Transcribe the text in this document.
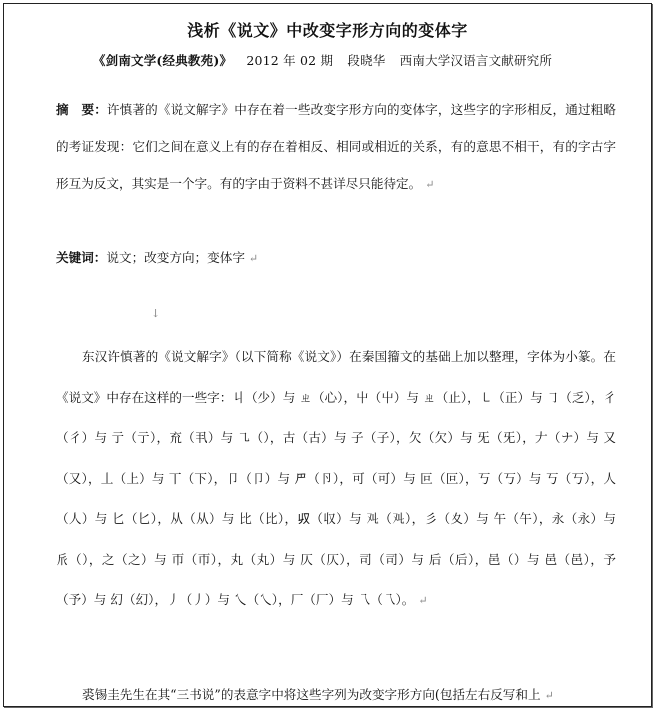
浅析《说文》中改变字形方向的变体字
《剑南文学(经典教苑)》 2012 年 02 期 段晓华 西南大学汉语言文献研究所
摘　要：许慎著的《说文解字》中存在着一些改变字形方向的变体字，这些字的字形相反，通过粗略的考证发现：它们之间在意义上有的存在着相反、相同或相近的关系，有的意思不相干，有的字古字形互为反文，其实是一个字。有的字由于资料不甚详尽只能待定。 ↵
关键词：说文；改变方向；变体字 ↵
↓
东汉许慎著的《说文解字》（以下简称《说文》）在秦国籀文的基础上加以整理，字体为小篆。在《说文》中存在这样的一些字：丩（少）与 ㄓ（心），屮（屮）与 ㄓ（止），㇄（正）与 ㇆（乏），彳（彳）与 亍（亍），㐬（丮）与 ㇈（），古（古）与 子（子），欠（欠）与 旡（旡），𠂇（ナ）与 又（又），丄（上）与 丅（下），卩（卩）与 𠃜（卪），可（可）与 叵（叵），丂（丂）与 丂（丂），人（人）与 匕（匕），从（从）与 比（比），𠬞（収）与 𠬜（𠬜），彡（夊）与 午（午），永（永）与 𠂢（），之（之）与 帀（帀），丸（丸）与 仄（仄），司（司）与 后（后），邑（）与 邑（邑），予（予）与 幻（幻），丿（丿）与 乀（乀），厂（厂）与 乁（乁）。 ↵
裘锡圭先生在其“三书说”的表意字中将这些字列为改变字形方向(包括左右反写和上 ↵
